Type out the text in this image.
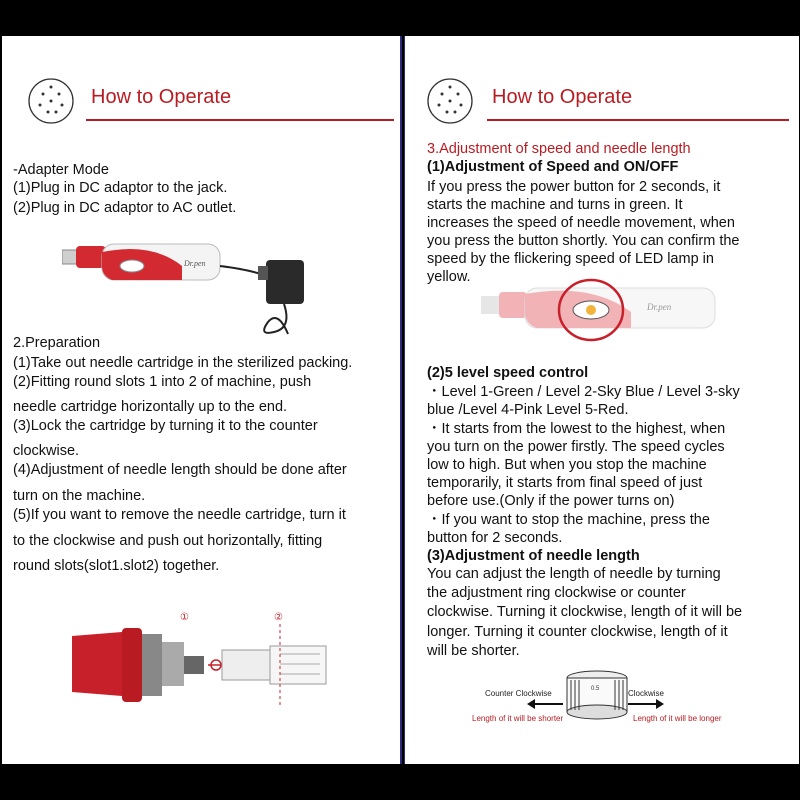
How to Operate
-Adapter Mode
(1)Plug in DC adaptor to the jack.
(2)Plug in DC adaptor to AC outlet.
Dr.pen
2.Preparation
(1)Take out needle cartridge in the sterilized packing.
(2)Fitting round slots 1 into 2 of machine, push
needle cartridge horizontally up to the end.
(3)Lock the cartridge by turning it to the counter
clockwise.
(4)Adjustment of needle length should be done after
turn on the machine.
(5)If you want to remove the needle cartridge, turn it
to the clockwise and push out horizontally, fitting
round slots(slot1.slot2) together.
①	②
How to Operate
3.Adjustment of speed and needle length
(1)Adjustment of Speed and ON/OFF
If you press the power button for 2 seconds, it
starts the machine and turns in green. It
increases the speed of needle movement, when
you press the button shortly. You can confirm the
speed by the flickering speed of LED lamp in
yellow.
Dr.pen
(2)5 level speed control
・Level 1-Green / Level 2-Sky Blue / Level 3-sky
blue /Level 4-Pink Level 5-Red.
・It starts from the lowest to the highest, when
you turn on the power firstly. The speed cycles
low to high. But when you stop the machine
temporarily, it starts from final speed of just
before use.(Only if the power turns on)
・If you want to stop the machine, press the
button for 2 seconds.
(3)Adjustment of needle length
You can adjust the length of needle by turning
the adjustment ring clockwise or counter
clockwise. Turning it clockwise, length of it will be
longer. Turning it counter clockwise, length of it
will be shorter.
0.5
Counter Clockwise
Length of it will be shorter
Clockwise
Length of it will be longer
